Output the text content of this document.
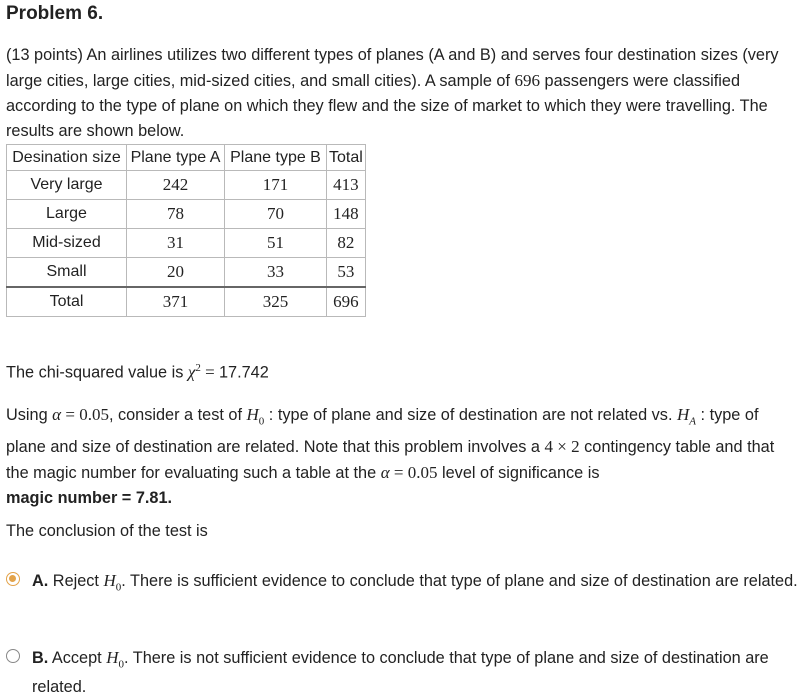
Problem 6.
(13 points) An airlines utilizes two different types of planes (A and B) and serves four destination sizes (very large cities, large cities, mid-sized cities, and small cities). A sample of 696 passengers were classified according to the type of plane on which they flew and the size of market to which they were travelling. The results are shown below.
Desination size	Plane type A	Plane type B	Total
Very large	242	171	413
Large	78	70	148
Mid-sized	31	51	82
Small	20	33	53
Total	371	325	696
The chi-squared value is $\chi^2 = 17.742$
Using α = 0.05, consider a test of $H_0$ : type of plane and size of destination are not related vs. $H_A$ : type of plane and size of destination are related. Note that this problem involves a 4 × 2 contingency table and that the magic number for evaluating such a table at the α = 0.05 level of significance is
magic number = 7.81.
The conclusion of the test is
A. Reject $H_0$. There is sufficient evidence to conclude that type of plane and size of destination are related.
B. Accept $H_0$. There is not sufficient evidence to conclude that type of plane and size of destination are related.
